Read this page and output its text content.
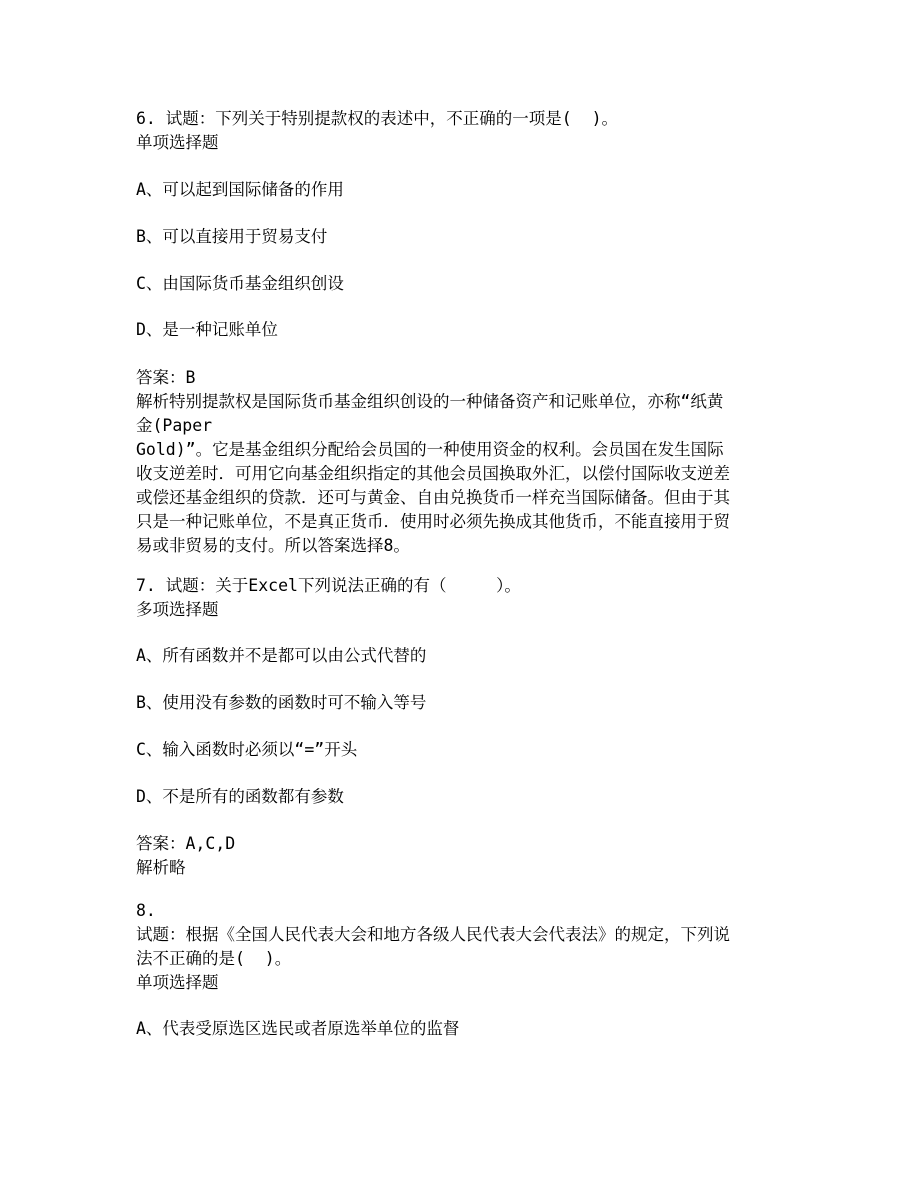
6. 试题：下列关于特别提款权的表述中，不正确的一项是(  )。
单项选择题
A、可以起到国际储备的作用
B、可以直接用于贸易支付
C、由国际货币基金组织创设
D、是一种记账单位
答案：B
解析特别提款权是国际货币基金组织创设的一种储备资产和记账单位，亦称“纸黄
金(Paper
Gold)”。它是基金组织分配给会员国的一种使用资金的权利。会员国在发生国际
收支逆差时．可用它向基金组织指定的其他会员国换取外汇，以偿付国际收支逆差
或偿还基金组织的贷款．还可与黄金、自由兑换货币一样充当国际储备。但由于其
只是一种记账单位，不是真正货币．使用时必须先换成其他货币，不能直接用于贸
易或非贸易的支付。所以答案选择8。
7. 试题：关于Excel下列说法正确的有（     ）。
多项选择题
A、所有函数并不是都可以由公式代替的
B、使用没有参数的函数时可不输入等号
C、输入函数时必须以“=”开头
D、不是所有的函数都有参数
答案：A,C,D
解析略
8.
试题：根据《全国人民代表大会和地方各级人民代表大会代表法》的规定，下列说
法不正确的是(  )。
单项选择题
A、代表受原选区选民或者原选举单位的监督
